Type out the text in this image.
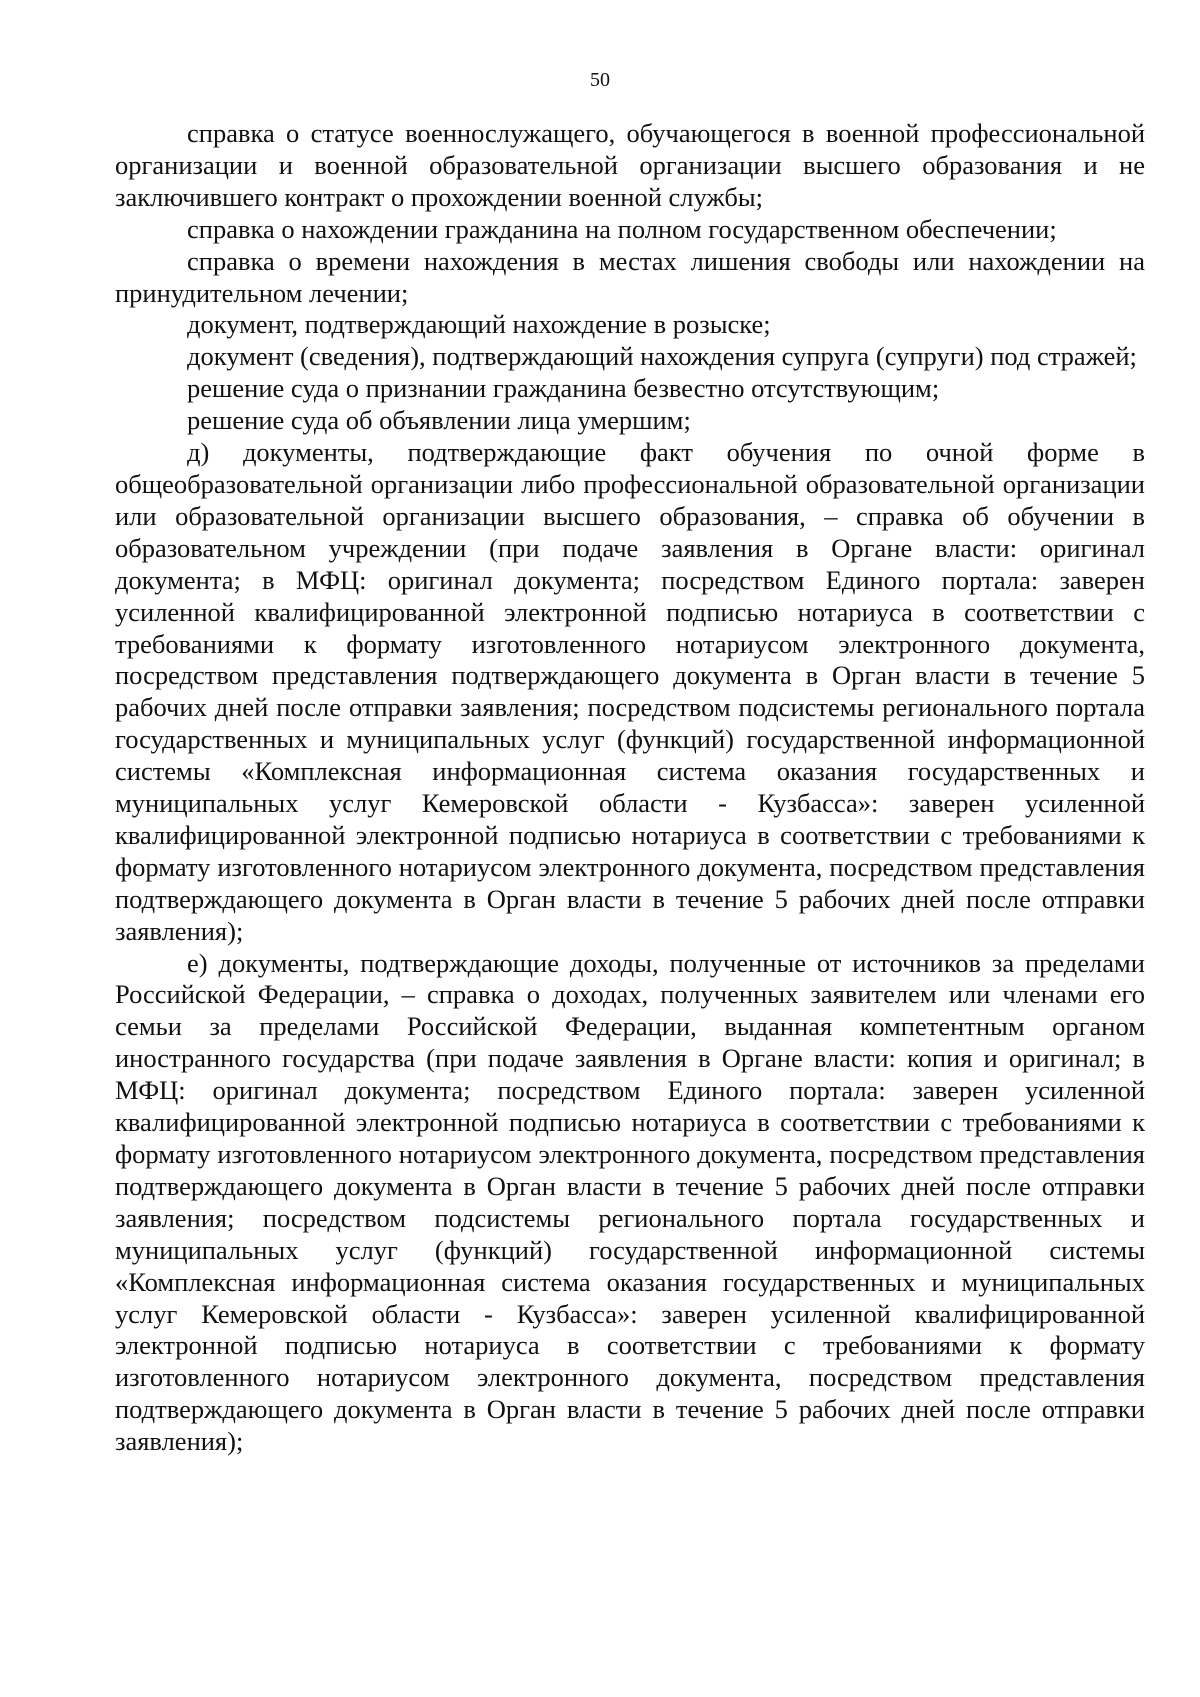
50

справка о статусе военнослужащего, обучающегося в военной профессиональной организации и военной образовательной организации высшего образования и не заключившего контракт о прохождении военной службы;

справка о нахождении гражданина на полном государственном обеспечении;

справка о времени нахождения в местах лишения свободы или нахождении на принудительном лечении;

документ, подтверждающий нахождение в розыске;

документ (сведения), подтверждающий нахождения супруга (супруги) под стражей;

решение суда о признании гражданина безвестно отсутствующим;

решение суда об объявлении лица умершим;

д) документы, подтверждающие факт обучения по очной форме в общеобразовательной организации либо профессиональной образовательной организации или образовательной организации высшего образования, – справка об обучении в образовательном учреждении (при подаче заявления в Органе власти: оригинал документа; в МФЦ: оригинал документа; посредством Единого портала: заверен усиленной квалифицированной электронной подписью нотариуса в соответствии с требованиями к формату изготовленного нотариусом электронного документа, посредством представления подтверждающего документа в Орган власти в течение 5 рабочих дней после отправки заявления; посредством подсистемы регионального портала государственных и муниципальных услуг (функций) государственной информационной системы «Комплексная информационная система оказания государственных и муниципальных услуг Кемеровской области - Кузбасса»: заверен усиленной квалифицированной электронной подписью нотариуса в соответствии с требованиями к формату изготовленного нотариусом электронного документа, посредством представления подтверждающего документа в Орган власти в течение 5 рабочих дней после отправки заявления);

е) документы, подтверждающие доходы, полученные от источников за пределами Российской Федерации, – справка о доходах, полученных заявителем или членами его семьи за пределами Российской Федерации, выданная компетентным органом иностранного государства (при подаче заявления в Органе власти: копия и оригинал; в МФЦ: оригинал документа; посредством Единого портала: заверен усиленной квалифицированной электронной подписью нотариуса в соответствии с требованиями к формату изготовленного нотариусом электронного документа, посредством представления подтверждающего документа в Орган власти в течение 5 рабочих дней после отправки заявления; посредством подсистемы регионального портала государственных и муниципальных услуг (функций) государственной информационной системы «Комплексная информационная система оказания государственных и муниципальных услуг Кемеровской области - Кузбасса»: заверен усиленной квалифицированной электронной подписью нотариуса в соответствии с требованиями к формату изготовленного нотариусом электронного документа, посредством представления подтверждающего документа в Орган власти в течение 5 рабочих дней после отправки заявления);
